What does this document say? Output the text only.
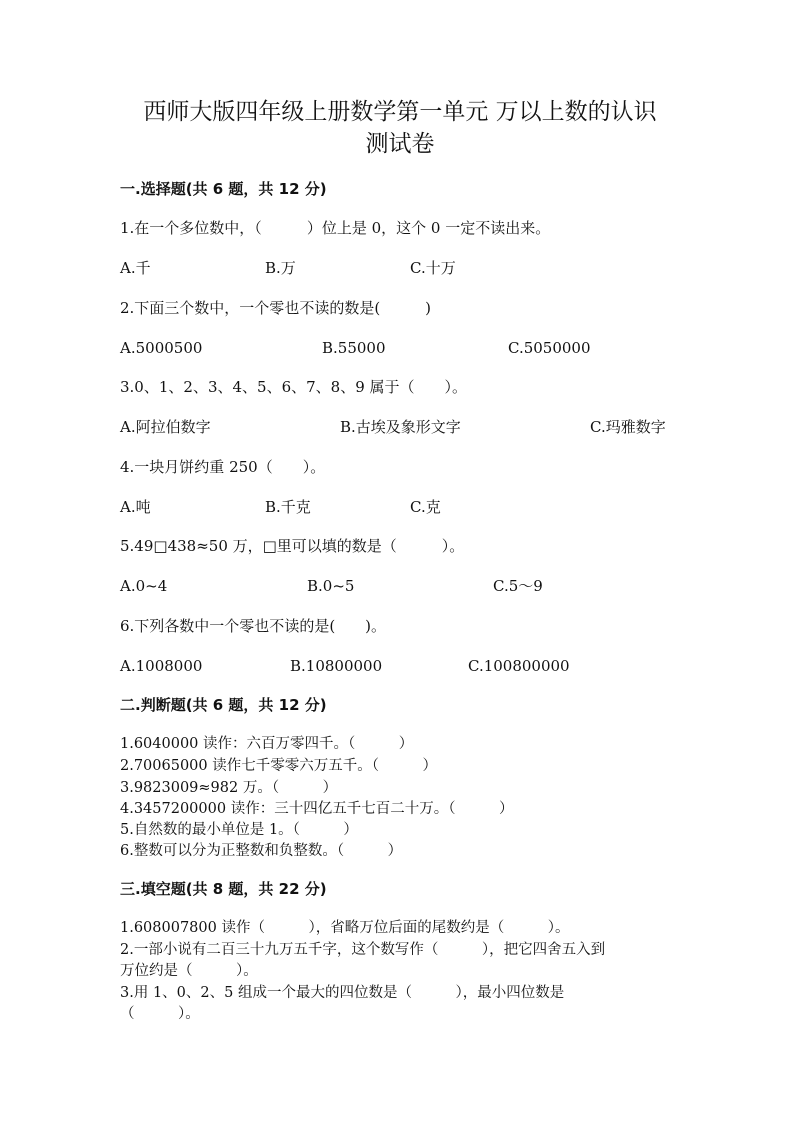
西师大版四年级上册数学第一单元 万以上数的认识
测试卷
一.选择题(共 6 题，共 12 分)
1.在一个多位数中，（　　　）位上是 0，这个 0 一定不读出来。
A.千	B.万	C.十万
2.下面三个数中，一个零也不读的数是(　　　)
A.5000500	B.55000	C.5050000
3.0、1、2、3、4、5、6、7、8、9 属于（　　）。
A.阿拉伯数字	B.古埃及象形文字	C.玛雅数字
4.一块月饼约重 250（　　）。
A.吨	B.千克	C.克
5.49□438≈50 万，□里可以填的数是（　　　）。
A.0~4	B.0~5	C.5～9
6.下列各数中一个零也不读的是(　　)。
A.1008000	B.10800000	C.100800000
二.判断题(共 6 题，共 12 分)
1.6040000 读作：六百万零四千。（　　　）
2.70065000 读作七千零零六万五千。（　　　）
3.9823009≈982 万。（　　　）
4.3457200000 读作：三十四亿五千七百二十万。（　　　）
5.自然数的最小单位是 1。（　　　）
6.整数可以分为正整数和负整数。（　　　）
三.填空题(共 8 题，共 22 分)
1.608007800 读作（　　　），省略万位后面的尾数约是（　　　）。
2.一部小说有二百三十九万五千字，这个数写作（　　　），把它四舍五入到
万位约是（　　　）。
3.用 1、0、2、5 组成一个最大的四位数是（　　　），最小四位数是
（　　　）。
